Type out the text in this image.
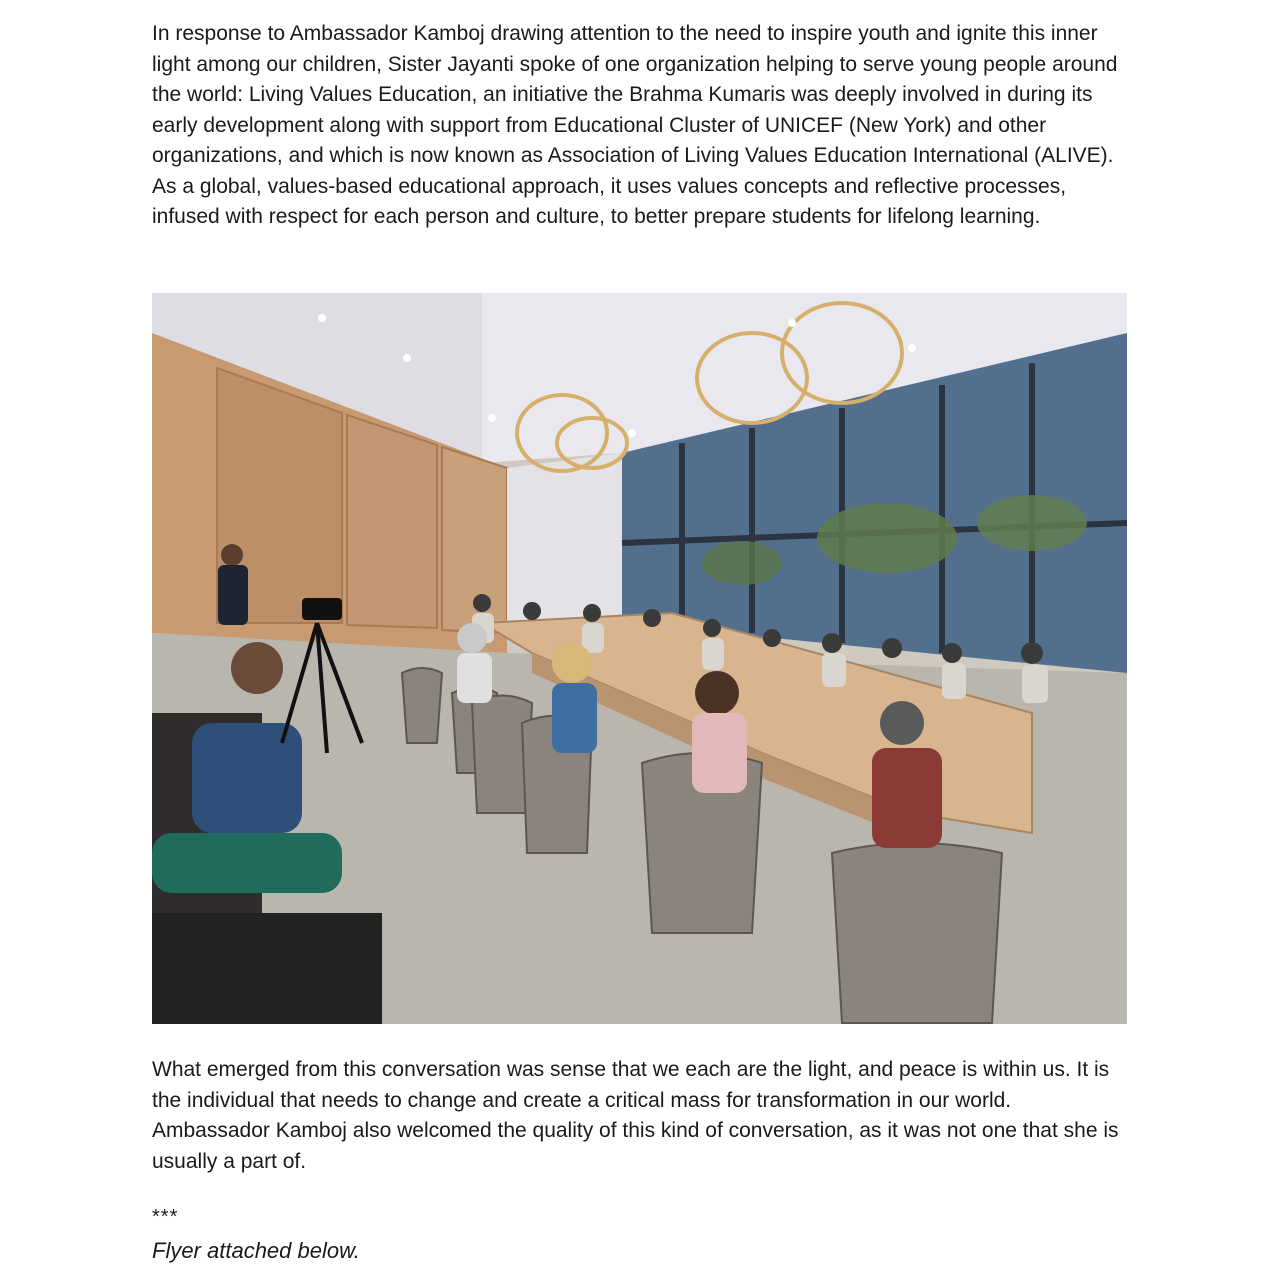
In response to Ambassador Kamboj drawing attention to the need to inspire youth and ignite this inner light among our children, Sister Jayanti spoke of one organization helping to serve young people around the world: Living Values Education, an initiative the Brahma Kumaris was deeply involved in during its early development along with support from Educational Cluster of UNICEF (New York) and other organizations, and which is now known as Association of Living Values Education International (ALIVE). As a global, values-based educational approach, it uses values concepts and reflective processes, infused with respect for each person and culture, to better prepare students for lifelong learning.

What emerged from this conversation was sense that we each are the light, and peace is within us. It is the individual that needs to change and create a critical mass for transformation in our world. Ambassador Kamboj also welcomed the quality of this kind of conversation, as it was not one that she is usually a part of.

***

Flyer attached below.
